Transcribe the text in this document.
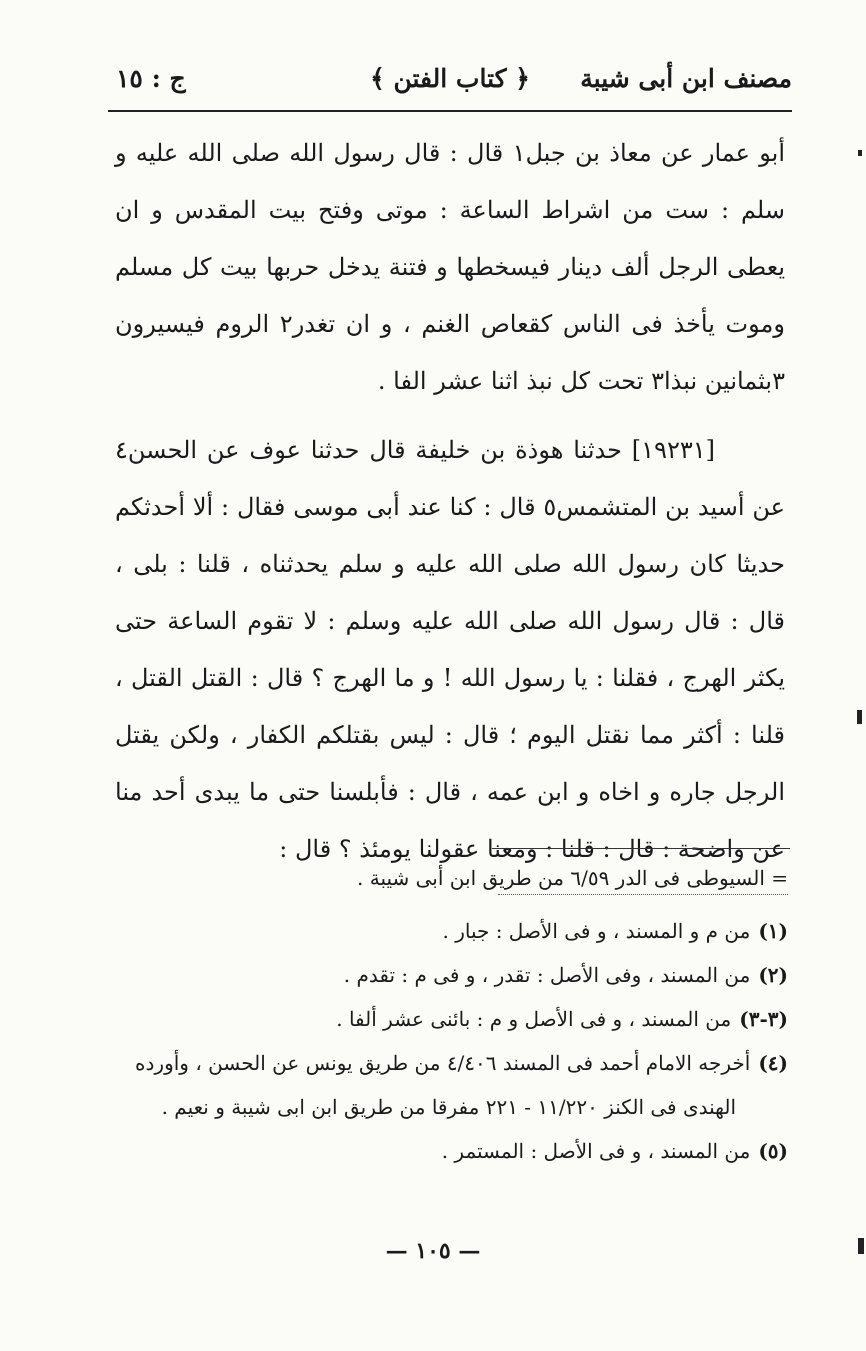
مصنف ابن أبى شيبة
﴿ كتاب الفتن ﴾
ج : ١٥

أبو عمار عن معاذ بن جبل١ قال : قال رسول الله صلى الله عليه و سلم : ست من اشراط الساعة : موتى وفتح بيت المقدس و ان يعطى الرجل ألف دينار فيسخطها و فتنة يدخل حربها بيت كل مسلم وموت يأخذ فى الناس كقعاص الغنم ، و ان تغدر٢ الروم فيسيرون ٣بثمانين نبذا٣ تحت كل نبذ اثنا عشر الفا .

[١٩٢٣١] حدثنا هوذة بن خليفة قال حدثنا عوف عن الحسن٤ عن أسيد بن المتشمس٥ قال : كنا عند أبى موسى فقال : ألا أحدثكم حديثا كان رسول الله صلى الله عليه و سلم يحدثناه ، قلنا : بلى ، قال : قال رسول الله صلى الله عليه وسلم : لا تقوم الساعة حتى يكثر الهرج ، فقلنا : يا رسول الله ! و ما الهرج ؟ قال : القتل القتل ، قلنا : أكثر مما نقتل اليوم ؛ قال : ليس بقتلكم الكفار ، ولكن يقتل الرجل جاره و اخاه و ابن عمه ، قال : فأبلسنا حتى ما يبدى أحد منا عن واضحة : قال : قلنا : ومعنا عقولنا يومئذ ؟ قال :

= السيوطى فى الدر ٦/٥٩ من طريق ابن أبى شيبة .
(١)من م و المسند ، و فى الأصل : جبار .
(٢)من المسند ، وفى الأصل : تقدر ، و فى م : تقدم .
(٣-٣)من المسند ، و فى الأصل و م : بائنى عشر ألفا .
(٤)أخرجه الامام أحمد فى المسند ٤/٤٠٦ من طريق يونس عن الحسن ، وأورده
الهندى فى الكنز ١١/٢٢٠ - ٢٢١ مفرقا من طريق ابن ابى شيبة و نعيم .
(٥)من المسند ، و فى الأصل : المستمر .
— ١٠٥ —
